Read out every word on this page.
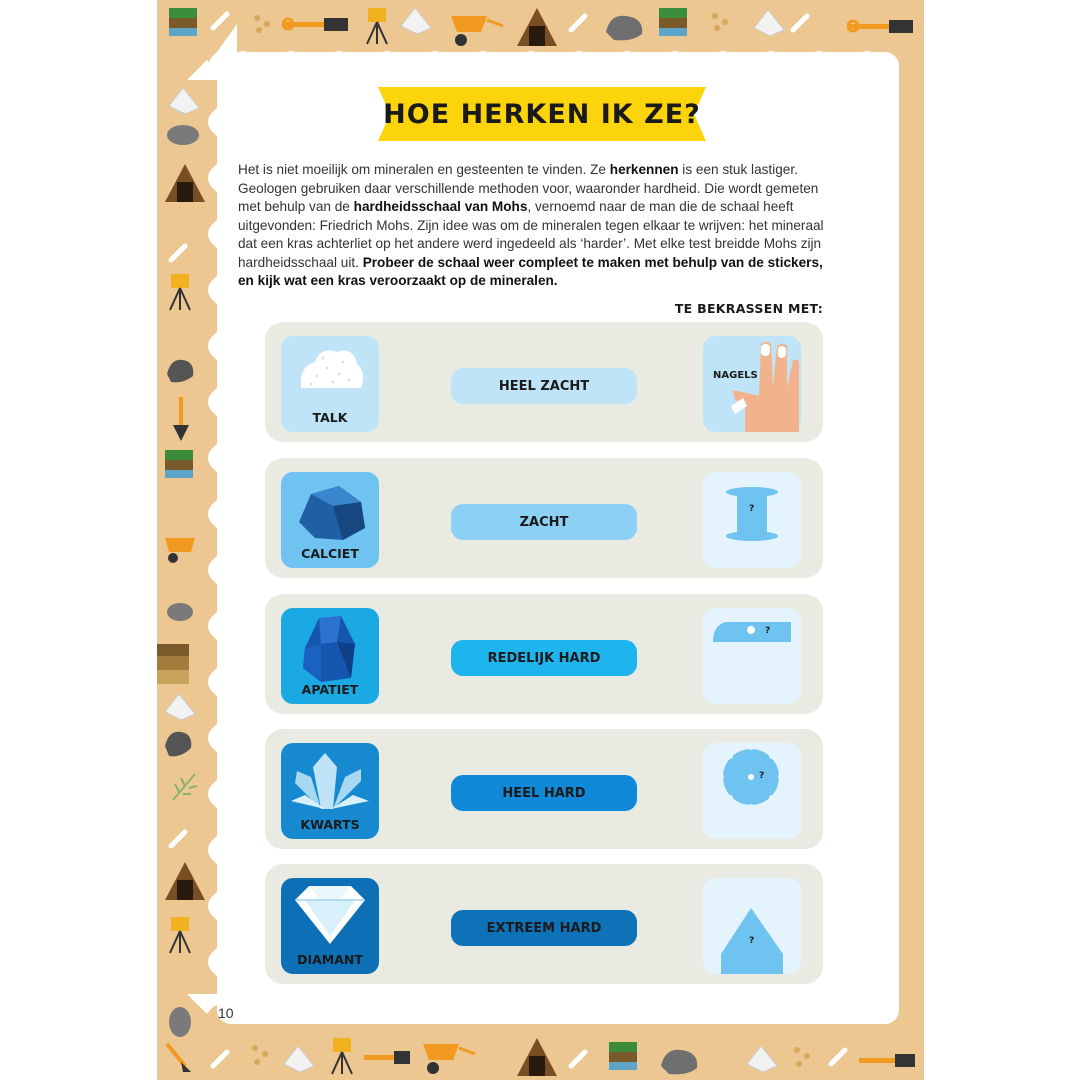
HOE HERKEN IK ZE?
Het is niet moeilijk om mineralen en gesteenten te vinden. Ze herkennen is een stuk lastiger. Geologen gebruiken daar verschillende methoden voor, waaronder hardheid. Die wordt gemeten met behulp van de hardheidsschaal van Mohs, vernoemd naar de man die de schaal heeft uitgevonden: Friedrich Mohs. Zijn idee was om de mineralen tegen elkaar te wrijven: het mineraal dat een kras achterliet op het andere werd ingedeeld als ‘harder’. Met elke test breidde Mohs zijn hardheidsschaal uit. Probeer de schaal weer compleet te maken met behulp van de stickers, en kijk wat een kras veroorzaakt op de mineralen.
TE BEKRASSEN MET:
TALK
HEEL ZACHT
NAGELS
CALCIET
ZACHT
?
APATIET
REDELIJK HARD
?
KWARTS
HEEL HARD
?
DIAMANT
EXTREEM HARD
?
10
